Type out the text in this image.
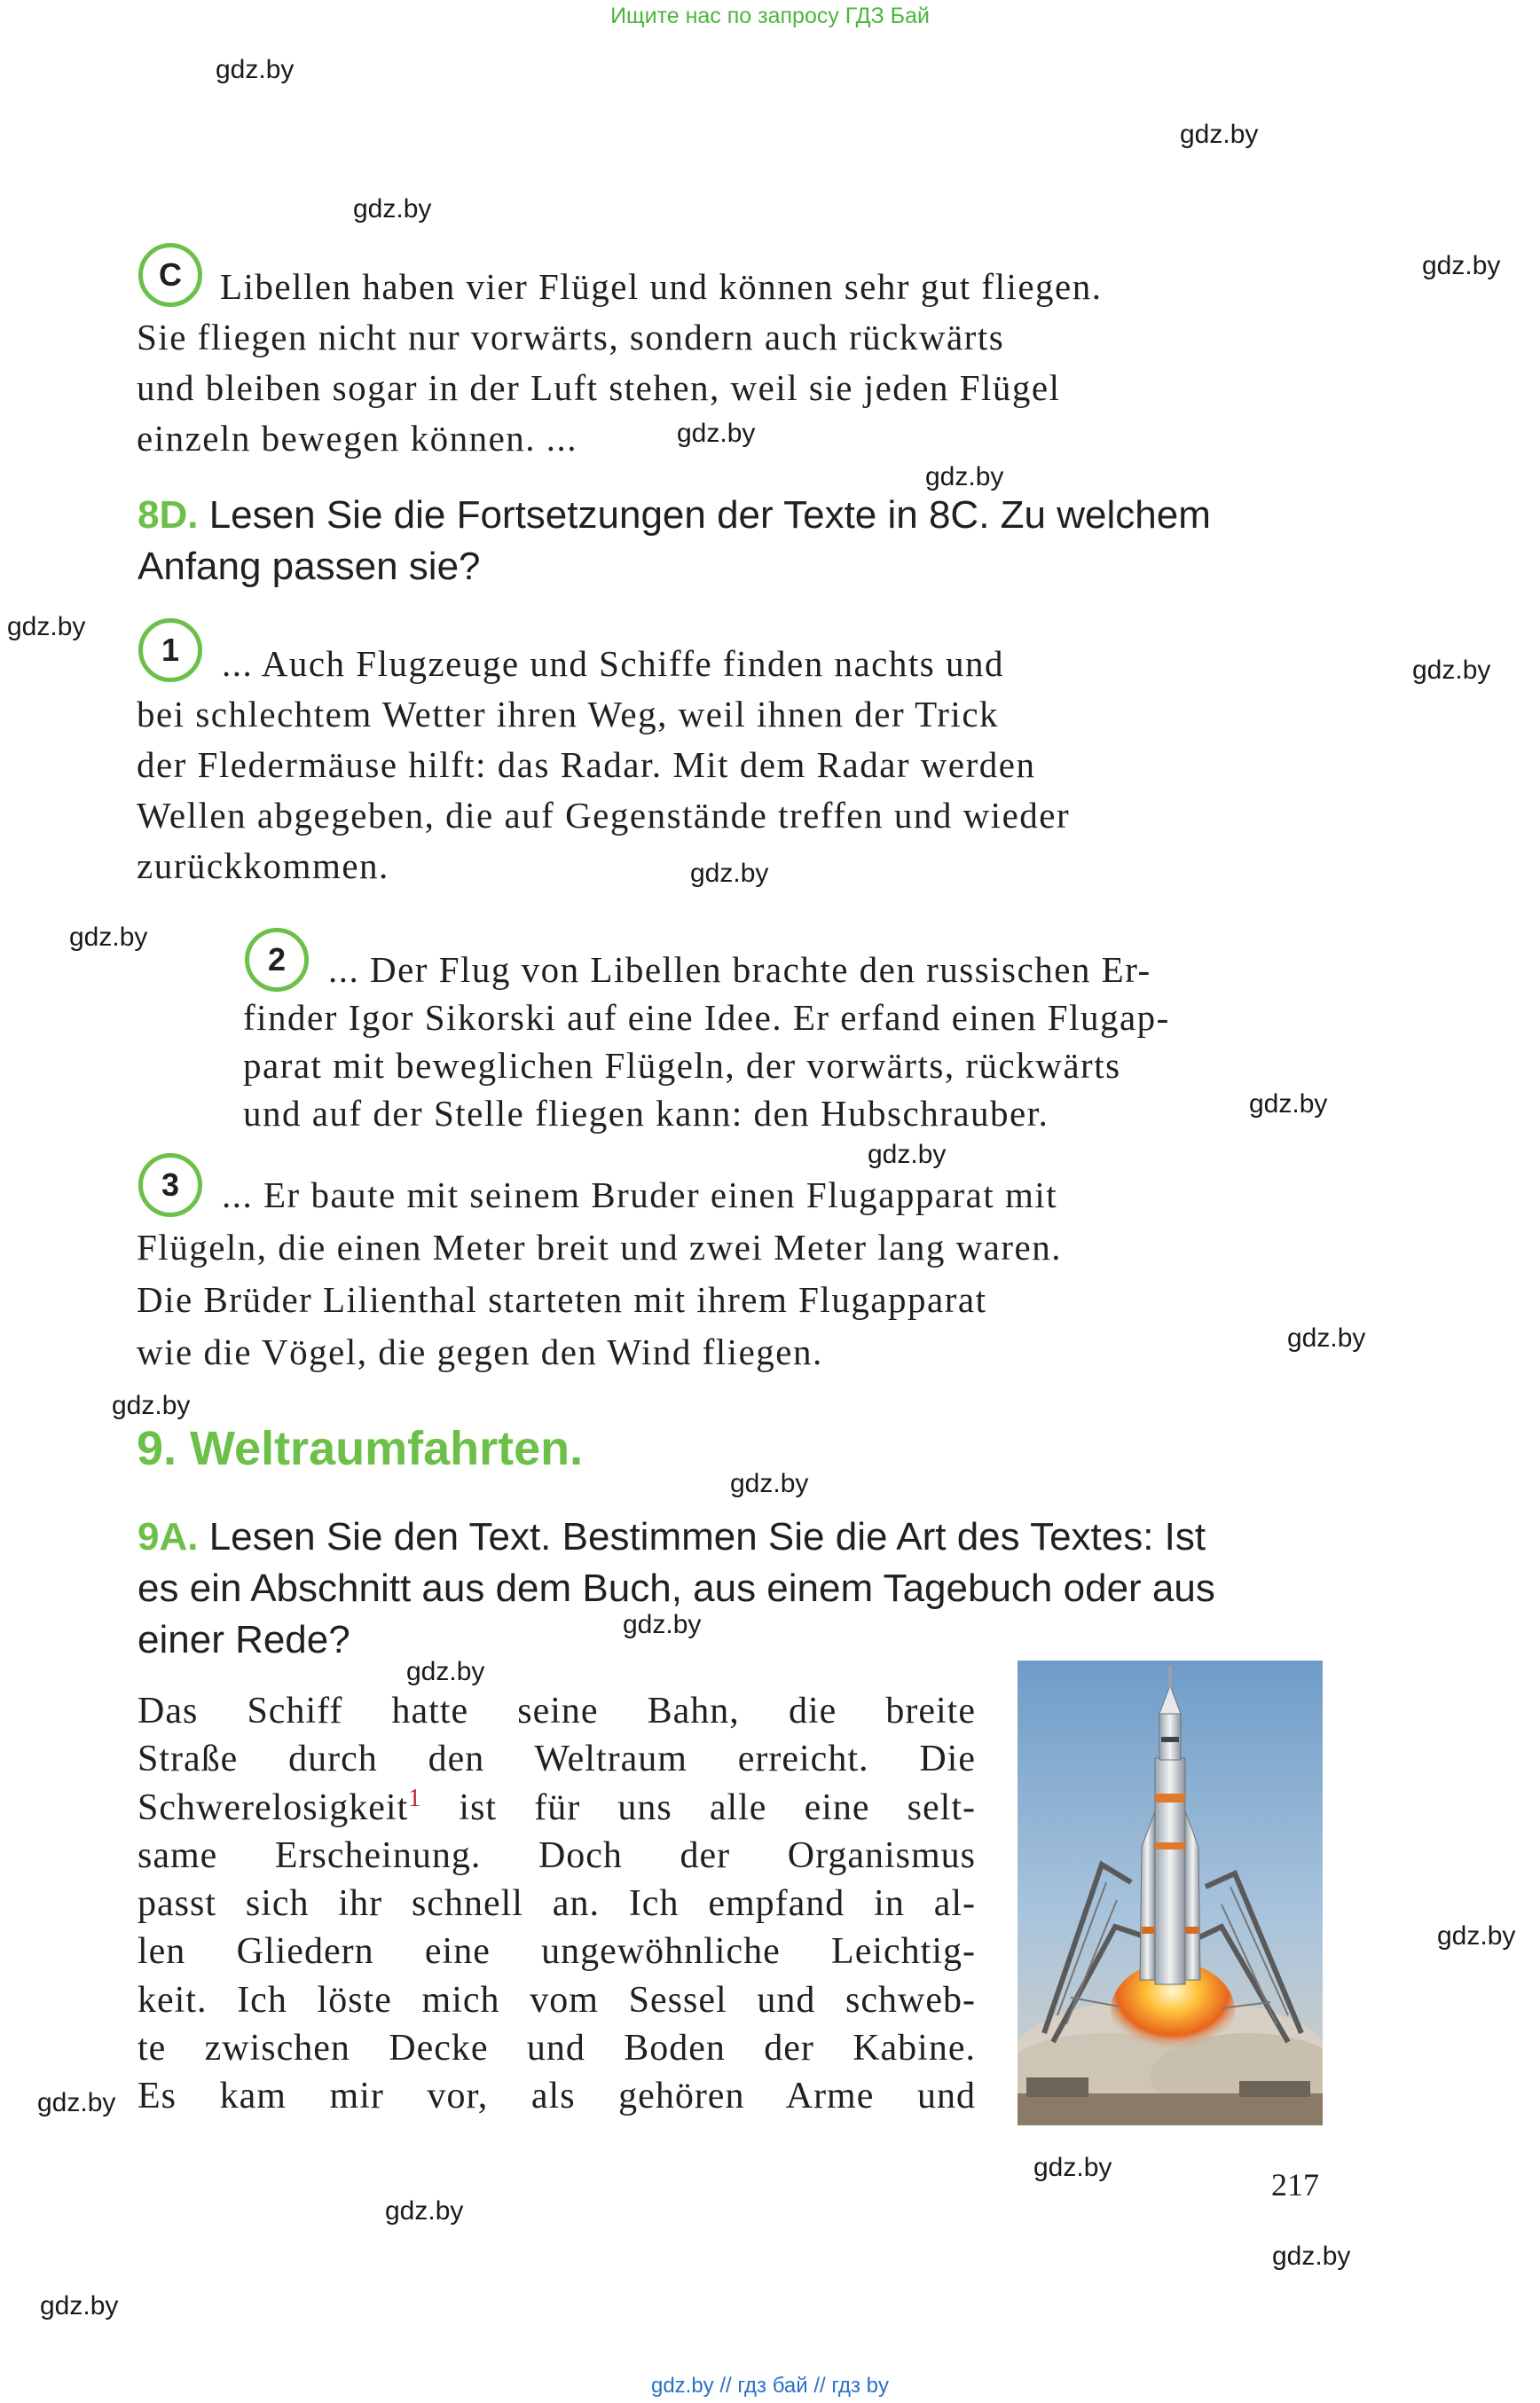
Ищите нас по запросу ГДЗ Бай
gdz.by
gdz.by
gdz.by
gdz.by
gdz.by
gdz.by
gdz.by
gdz.by
gdz.by
gdz.by
gdz.by
gdz.by
gdz.by
gdz.by
gdz.by
gdz.by
gdz.by
gdz.by
gdz.by
gdz.by
gdz.by
gdz.by
gdz.by
C	Libellen haben vier Flügel und können sehr gut fliegen.
Sie fliegen nicht nur vorwärts, sondern auch rückwärts
und bleiben sogar in der Luft stehen, weil sie jeden Flügel
einzeln bewegen können. ...
8D. Lesen Sie die Fortsetzungen der Texte in 8C. Zu welchem
Anfang passen sie?
1	... Auch Flugzeuge und Schiffe finden nachts und
bei schlechtem Wetter ihren Weg, weil ihnen der Trick
der Fledermäuse hilft: das Radar. Mit dem Radar werden
Wellen abgegeben, die auf Gegenstände treffen und wieder
zurückkommen.
2	... Der Flug von Libellen brachte den russischen Er-
finder Igor Sikorski auf eine Idee. Er erfand einen Flugap-
parat mit beweglichen Flügeln, der vorwärts, rückwärts
und auf der Stelle fliegen kann: den Hubschrauber.
3	... Er baute mit seinem Bruder einen Flugapparat mit
Flügeln, die einen Meter breit und zwei Meter lang waren.
Die Brüder Lilienthal starteten mit ihrem Flugapparat
wie die Vögel, die gegen den Wind fliegen.
9. Weltraumfahrten.
9A. Lesen Sie den Text. Bestimmen Sie die Art des Textes: Ist
es ein Abschnitt aus dem Buch, aus einem Tagebuch oder aus
einer Rede?
Das Schiff hatte seine Bahn, die breite
Straße durch den Weltraum erreicht. Die
Schwerelosigkeit$^1$ ist für uns alle eine selt-
same Erscheinung. Doch der Organismus
passt sich ihr schnell an. Ich empfand in al-
len Gliedern eine ungewöhnliche Leichtig-
keit. Ich löste mich vom Sessel und schweb-
te zwischen Decke und Boden der Kabine.
Es kam mir vor, als gehören Arme und
217
gdz.by // гдз бай // гдз by
